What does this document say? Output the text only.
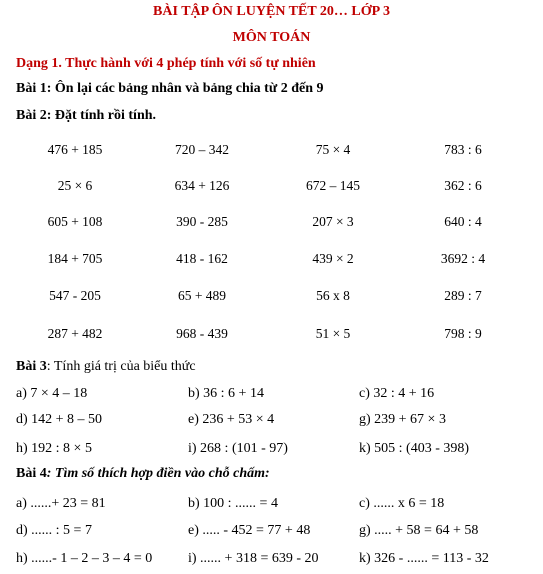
BÀI TẬP ÔN LUYỆN TẾT 20… LỚP 3
MÔN TOÁN
Dạng 1. Thực hành với 4 phép tính với số tự nhiên
Bài 1: Ôn lại các bảng nhân và bảng chia từ 2 đến 9
Bài 2: Đặt tính rồi tính.
476 + 185	720 – 342	75 × 4	783 : 6
25 × 6	634 + 126	672 – 145	362 : 6
605 + 108	390 - 285	207 × 3	640 : 4
184 + 705	418 - 162	439 × 2	3692 : 4
547 - 205	65 + 489	56 x 8	289 : 7
287 + 482	968 - 439	51 × 5	798 : 9
Bài 3: Tính giá trị của biểu thức
a) 7 × 4 – 18	b) 36 : 6 + 14	c) 32 : 4 + 16
d) 142 + 8 – 50	e) 236 + 53 × 4	g) 239 + 67 × 3
h) 192 : 8 × 5	i) 268 : (101 - 97)	k) 505 : (403 - 398)
Bài 4: Tìm số thích hợp điền vào chỗ chấm:
a) ......+ 23 = 81	b) 100 : ...... = 4	c) ...... x 6 = 18
d) ...... : 5 = 7	e) ..... - 452 = 77 + 48	g) ..... + 58 = 64 + 58
h) ......- 1 – 2 – 3 – 4 = 0	i) ...... + 318 = 639 - 20	k) 326 - ...... = 113 - 32
